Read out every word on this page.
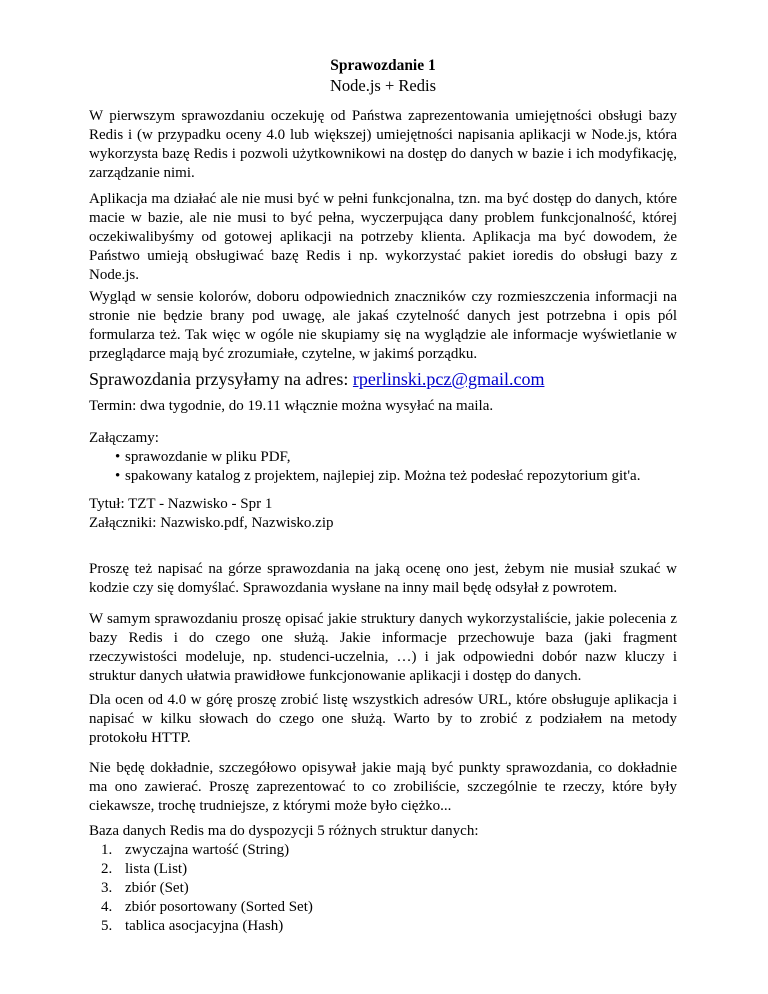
Sprawozdanie 1
Node.js + Redis

W pierwszym sprawozdaniu oczekuję od Państwa zaprezentowania umiejętności obsługi bazy Redis i (w przypadku oceny 4.0 lub większej) umiejętności napisania aplikacji w Node.js, która wykorzysta bazę Redis i pozwoli użytkownikowi na dostęp do danych w bazie i ich modyfikację, zarządzanie nimi.

Aplikacja ma działać ale nie musi być w pełni funkcjonalna, tzn. ma być dostęp do danych, które macie w bazie, ale nie musi to być pełna, wyczerpująca dany problem funkcjonalność, której oczekiwalibyśmy od gotowej aplikacji na potrzeby klienta. Aplikacja ma być dowodem, że Państwo umieją obsługiwać bazę Redis i np. wykorzystać pakiet ioredis do obsługi bazy z Node.js.

Wygląd w sensie kolorów, doboru odpowiednich znaczników czy rozmieszczenia informacji na stronie nie będzie brany pod uwagę, ale jakaś czytelność danych jest potrzebna i opis pól formularza też. Tak więc w ogóle nie skupiamy się na wyglądzie ale informacje wyświetlanie w przeglądarce mają być zrozumiałe, czytelne, w jakimś porządku.

Sprawozdania przysyłamy na adres: rperlinski.pcz@gmail.com
Termin: dwa tygodnie, do 19.11 włącznie można wysyłać na maila.
Załączamy:
• sprawozdanie w pliku PDF,
• spakowany katalog z projektem, najlepiej zip. Można też podesłać repozytorium git'a.
Tytuł: TZT - Nazwisko - Spr 1
Załączniki: Nazwisko.pdf, Nazwisko.zip

Proszę też napisać na górze sprawozdania na jaką ocenę ono jest, żebym nie musiał szukać w kodzie czy się domyślać. Sprawozdania wysłane na inny mail będę odsyłał z powrotem.

W samym sprawozdaniu proszę opisać jakie struktury danych wykorzystaliście, jakie polecenia z bazy Redis i do czego one służą. Jakie informacje przechowuje baza (jaki fragment rzeczywistości modeluje, np. studenci-uczelnia, …) i jak odpowiedni dobór nazw kluczy i struktur danych ułatwia prawidłowe funkcjonowanie aplikacji i dostęp do danych.

Dla ocen od 4.0 w górę proszę zrobić listę wszystkich adresów URL, które obsługuje aplikacja i napisać w kilku słowach do czego one służą. Warto by to zrobić z podziałem na metody protokołu HTTP.

Nie będę dokładnie, szczegółowo opisywał jakie mają być punkty sprawozdania, co dokładnie ma ono zawierać. Proszę zaprezentować to co zrobiliście, szczególnie te rzeczy, które były ciekawsze, trochę trudniejsze, z którymi może było ciężko...

Baza danych Redis ma do dyspozycji 5 różnych struktur danych:
1. zwyczajna wartość (String)
2. lista (List)
3. zbiór (Set)
4. zbiór posortowany (Sorted Set)
5. tablica asocjacyjna (Hash)
